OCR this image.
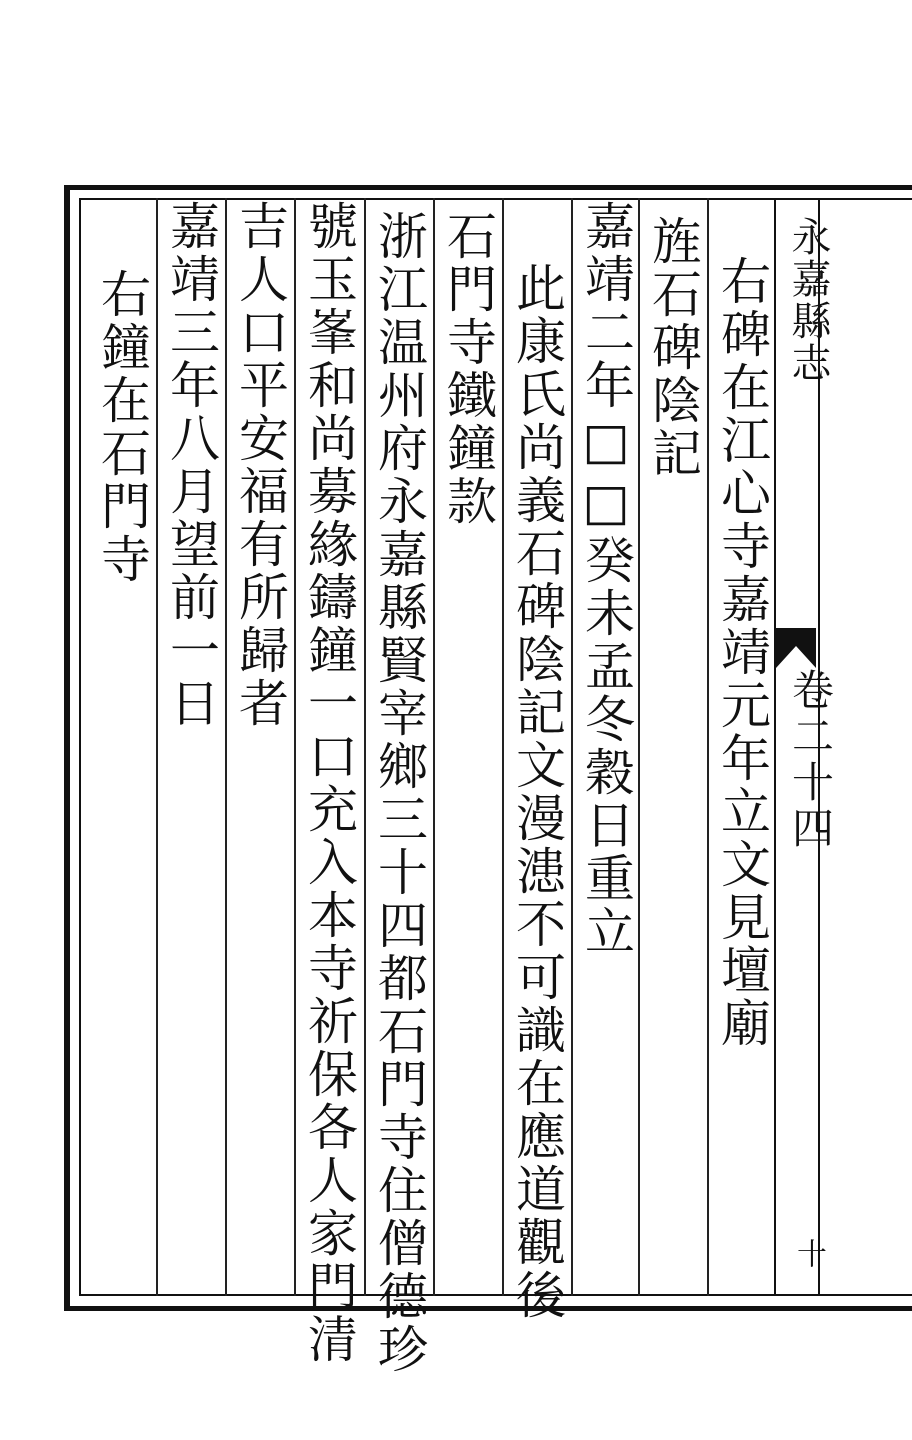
永嘉縣志
卷二十四
十
右碑在江心寺嘉靖元年立文見壇廟
旌石碑陰記
嘉靖二年□□癸未孟冬穀日重立
此康氏尚義石碑陰記文漫漶不可識在應道觀後
石門寺鐵鐘款
浙江温州府永嘉縣賢宰鄉三十四都石門寺住僧德珍
號玉峯和尚募緣鑄鐘一口充入本寺祈保各人家門清
吉人口平安福有所歸者
嘉靖三年八月望前一日
右鐘在石門寺
